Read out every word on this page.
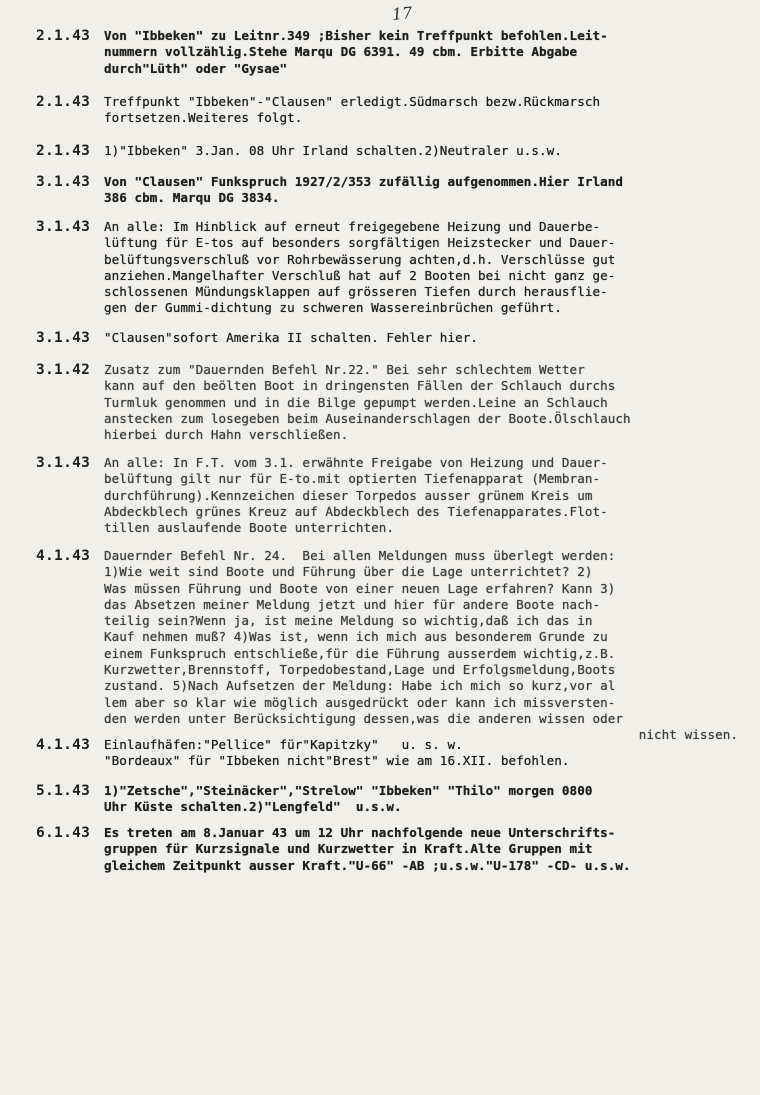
17
2.1.43 Von "Ibbeken" zu Leitnr.349 ;Bisher kein Treffpunkt befohlen.Leit-
nummern vollzählig.Stehe Marqu DG 6391. 49 cbm. Erbitte Abgabe
durch"Lüth" oder "Gysae"
2.1.43 Treffpunkt "Ibbeken"-"Clausen" erledigt.Südmarsch bezw.Rückmarsch
fortsetzen.Weiteres folgt.
2.1.43 1)"Ibbeken" 3.Jan. 08 Uhr Irland schalten.2)Neutraler u.s.w.
3.1.43 Von "Clausen" Funkspruch 1927/2/353 zufällig aufgenommen.Hier Irland
386 cbm. Marqu DG 3834.
3.1.43 An alle: Im Hinblick auf erneut freigegebene Heizung und Dauerbe-
lüftung für E-tos auf besonders sorgfältigen Heizstecker und Dauer-
belüftungsverschluß vor Rohrbewässerung achten,d.h. Verschlüsse gut
anziehen.Mangelhafter Verschluß hat auf 2 Booten bei nicht ganz ge-
schlossenen Mündungsklappen auf grösseren Tiefen durch herausflie-
gen der Gummi-dichtung zu schweren Wassereinbrüchen geführt.
3.1.43 "Clausen"sofort Amerika II schalten. Fehler hier.
3.1.42 Zusatz zum "Dauernden Befehl Nr.22." Bei sehr schlechtem Wetter
kann auf den beölten Boot in dringensten Fällen der Schlauch durchs
Turmluk genommen und in die Bilge gepumpt werden.Leine an Schlauch
anstecken zum losegeben beim Auseinanderschlagen der Boote.Ölschlauch
hierbei durch Hahn verschließen.
3.1.43 An alle: In F.T. vom 3.1. erwähnte Freigabe von Heizung und Dauer-
belüftung gilt nur für E-to.mit optierten Tiefenapparat (Membran-
durchführung).Kennzeichen dieser Torpedos ausser grünem Kreis um
Abdeckblech grünes Kreuz auf Abdeckblech des Tiefenapparates.Flot-
tillen auslaufende Boote unterrichten.
4.1.43 Dauernder Befehl Nr. 24.  Bei allen Meldungen muss überlegt werden:
1)Wie weit sind Boote und Führung über die Lage unterrichtet? 2)
Was müssen Führung und Boote von einer neuen Lage erfahren? Kann 3)
das Absetzen meiner Meldung jetzt und hier für andere Boote nach-
teilig sein?Wenn ja, ist meine Meldung so wichtig,daß ich das in
Kauf nehmen muß? 4)Was ist, wenn ich mich aus besonderem Grunde zu
einem Funkspruch entschließe,für die Führung ausserdem wichtig,z.B.
Kurzwetter,Brennstoff, Torpedobestand,Lage und Erfolgsmeldung,Boots
zustand. 5)Nach Aufsetzen der Meldung: Habe ich mich so kurz,vor al
lem aber so klar wie möglich ausgedrückt oder kann ich missversten-
den werden unter Berücksichtigung dessen,was die anderen wissen oder
nicht wissen.
4.1.43 Einlaufhäfen:"Pellice" für"Kapitzky"   u. s. w.
"Bordeaux" für "Ibbeken nicht"Brest" wie am 16.XII. befohlen.
5.1.43 1)"Zetsche","Steinäcker","Strelow" "Ibbeken" "Thilo" morgen 0800
Uhr Küste schalten.2)"Lengfeld"  u.s.w.
6.1.43 Es treten am 8.Januar 43 um 12 Uhr nachfolgende neue Unterschrifts-
gruppen für Kurzsignale und Kurzwetter in Kraft.Alte Gruppen mit
gleichem Zeitpunkt ausser Kraft."U-66" -AB ;u.s.w."U-178" -CD- u.s.w.
